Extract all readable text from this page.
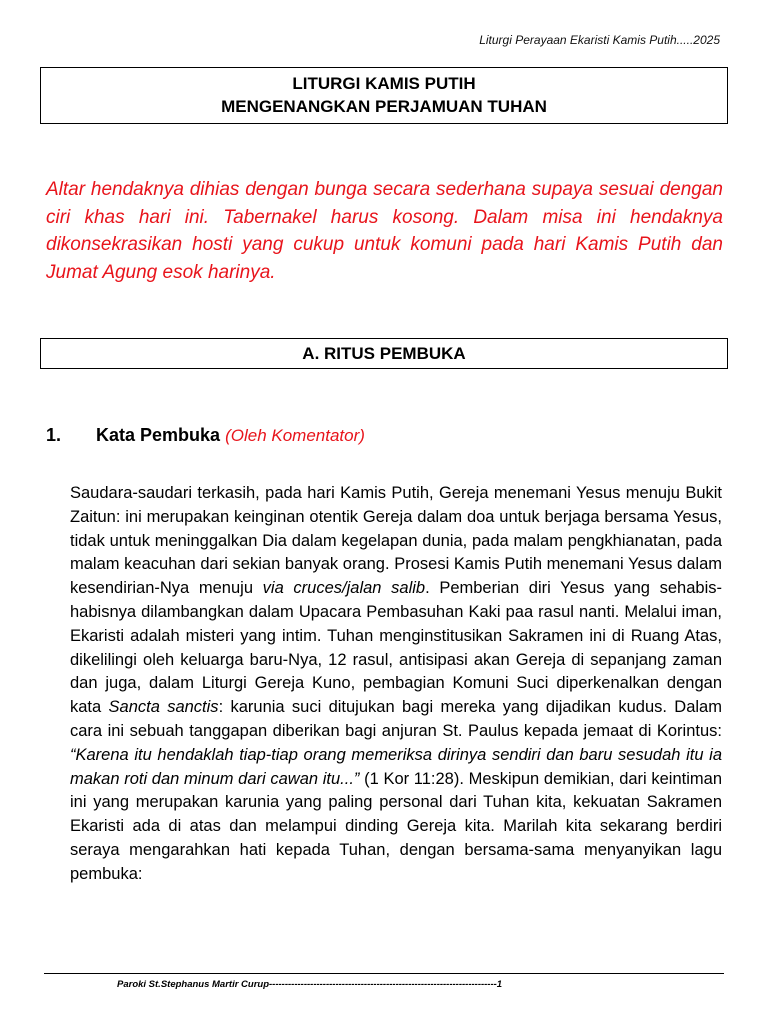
Liturgi Perayaan Ekaristi Kamis Putih.....2025
LITURGI KAMIS PUTIH
MENGENANGKAN PERJAMUAN TUHAN

Altar hendaknya dihias dengan bunga secara sederhana supaya sesuai dengan ciri khas hari ini. Tabernakel harus kosong. Dalam misa ini hendaknya dikonsekrasikan hosti yang cukup untuk komuni pada hari Kamis Putih dan Jumat Agung esok harinya.

A. RITUS PEMBUKA
1. Kata Pembuka (Oleh Komentator)

Saudara-saudari terkasih, pada hari Kamis Putih, Gereja menemani Yesus menuju Bukit Zaitun: ini merupakan keinginan otentik Gereja dalam doa untuk berjaga bersama Yesus, tidak untuk meninggalkan Dia dalam kegelapan dunia, pada malam pengkhianatan, pada malam keacuhan dari sekian banyak orang. Prosesi Kamis Putih menemani Yesus dalam kesendirian-Nya menuju via cruces/jalan salib. Pemberian diri Yesus yang sehabis-habisnya dilambangkan dalam Upacara Pembasuhan Kaki paa rasul nanti. Melalui iman, Ekaristi adalah misteri yang intim. Tuhan menginstitusikan Sakramen ini di Ruang Atas, dikelilingi oleh keluarga baru-Nya, 12 rasul, antisipasi akan Gereja di sepanjang zaman dan juga, dalam Liturgi Gereja Kuno, pembagian Komuni Suci diperkenalkan dengan kata Sancta sanctis: karunia suci ditujukan bagi mereka yang dijadikan kudus. Dalam cara ini sebuah tanggapan diberikan bagi anjuran St. Paulus kepada jemaat di Korintus: “Karena itu hendaklah tiap-tiap orang memeriksa dirinya sendiri dan baru sesudah itu ia makan roti dan minum dari cawan itu...” (1 Kor 11:28). Meskipun demikian, dari keintiman ini yang merupakan karunia yang paling personal dari Tuhan kita, kekuatan Sakramen Ekaristi ada di atas dan melampui dinding Gereja kita. Marilah kita sekarang berdiri seraya mengarahkan hati kepada Tuhan, dengan bersama-sama menyanyikan lagu pembuka:

Paroki St.Stephanus Martir Curup------------------------------------------------------------------------1
